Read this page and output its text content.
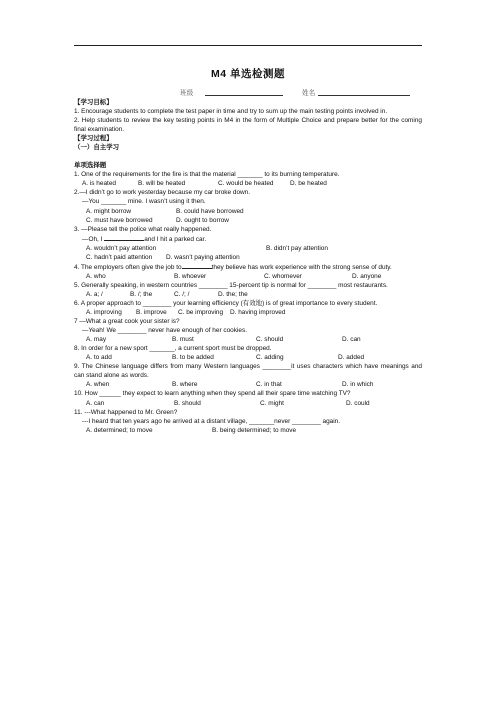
M4 单选检测题
班级	姓名

【学习目标】

1. Encourage students to complete the test paper in time and try to sum up the main testing points involved in.

2. Help students to review the key testing points in M4 in the form of Multiple Choice and prepare better for the coming final examination.

【学习过程】

（一）自主学习

单项选择题

1. One of the requirements for the fire is that the material _______ to its burning temperature.

A. is heated	B. will be heated	C. would be heated	D. be heated

2.—I didn’t go to work yesterday because my car broke down.

—You _______ mine. I wasn’t using it then.

A. might borrow	B. could have borrowed
C. must have borrowed	D. ought to borrow

3. —Please tell the police what really happened.

—Oh, I	and I hit a parked car.

A. wouldn’t pay attention	B. didn’t pay attention
C. hadn’t paid attention	D. wasn’t paying attention

4. The employers often give the job to	they believe has work experience with the strong sense of duty.

A. who	B. whoever	C. whomever	D. anyone

5. Generally speaking, in western countries ________ 15-percent tip is normal for ________ most restaurants.

A. a; /	B. /; the	C. /; /	D. the; the

6. A proper approach to ________ your learning efficiency (有效地) is of great importance to every student.

A. improving	B. improve	C. be improving	D. having improved

7 —What a great cook your sister is?

—Yeah! We ________ never have enough of her cookies.

A. may	B. must	C. should	D. can

8. In order for a new sport _______, a current sport must be dropped.

A. to add	B. to be added	C. adding	D. added

9. The Chinese language differs from many Western languages ________it uses characters which have meanings and can stand alone as words.

A. when	B. where	C. in that	D. in which

10. How ______ they expect to learn anything when they spend all their spare time watching TV?

A. can	B. should	C. might	D. could

11. ---What happened to Mr. Green?

---I heard that ten years ago he arrived at a distant village, _______never ________ again.

A. determined; to move	B. being determined; to move
